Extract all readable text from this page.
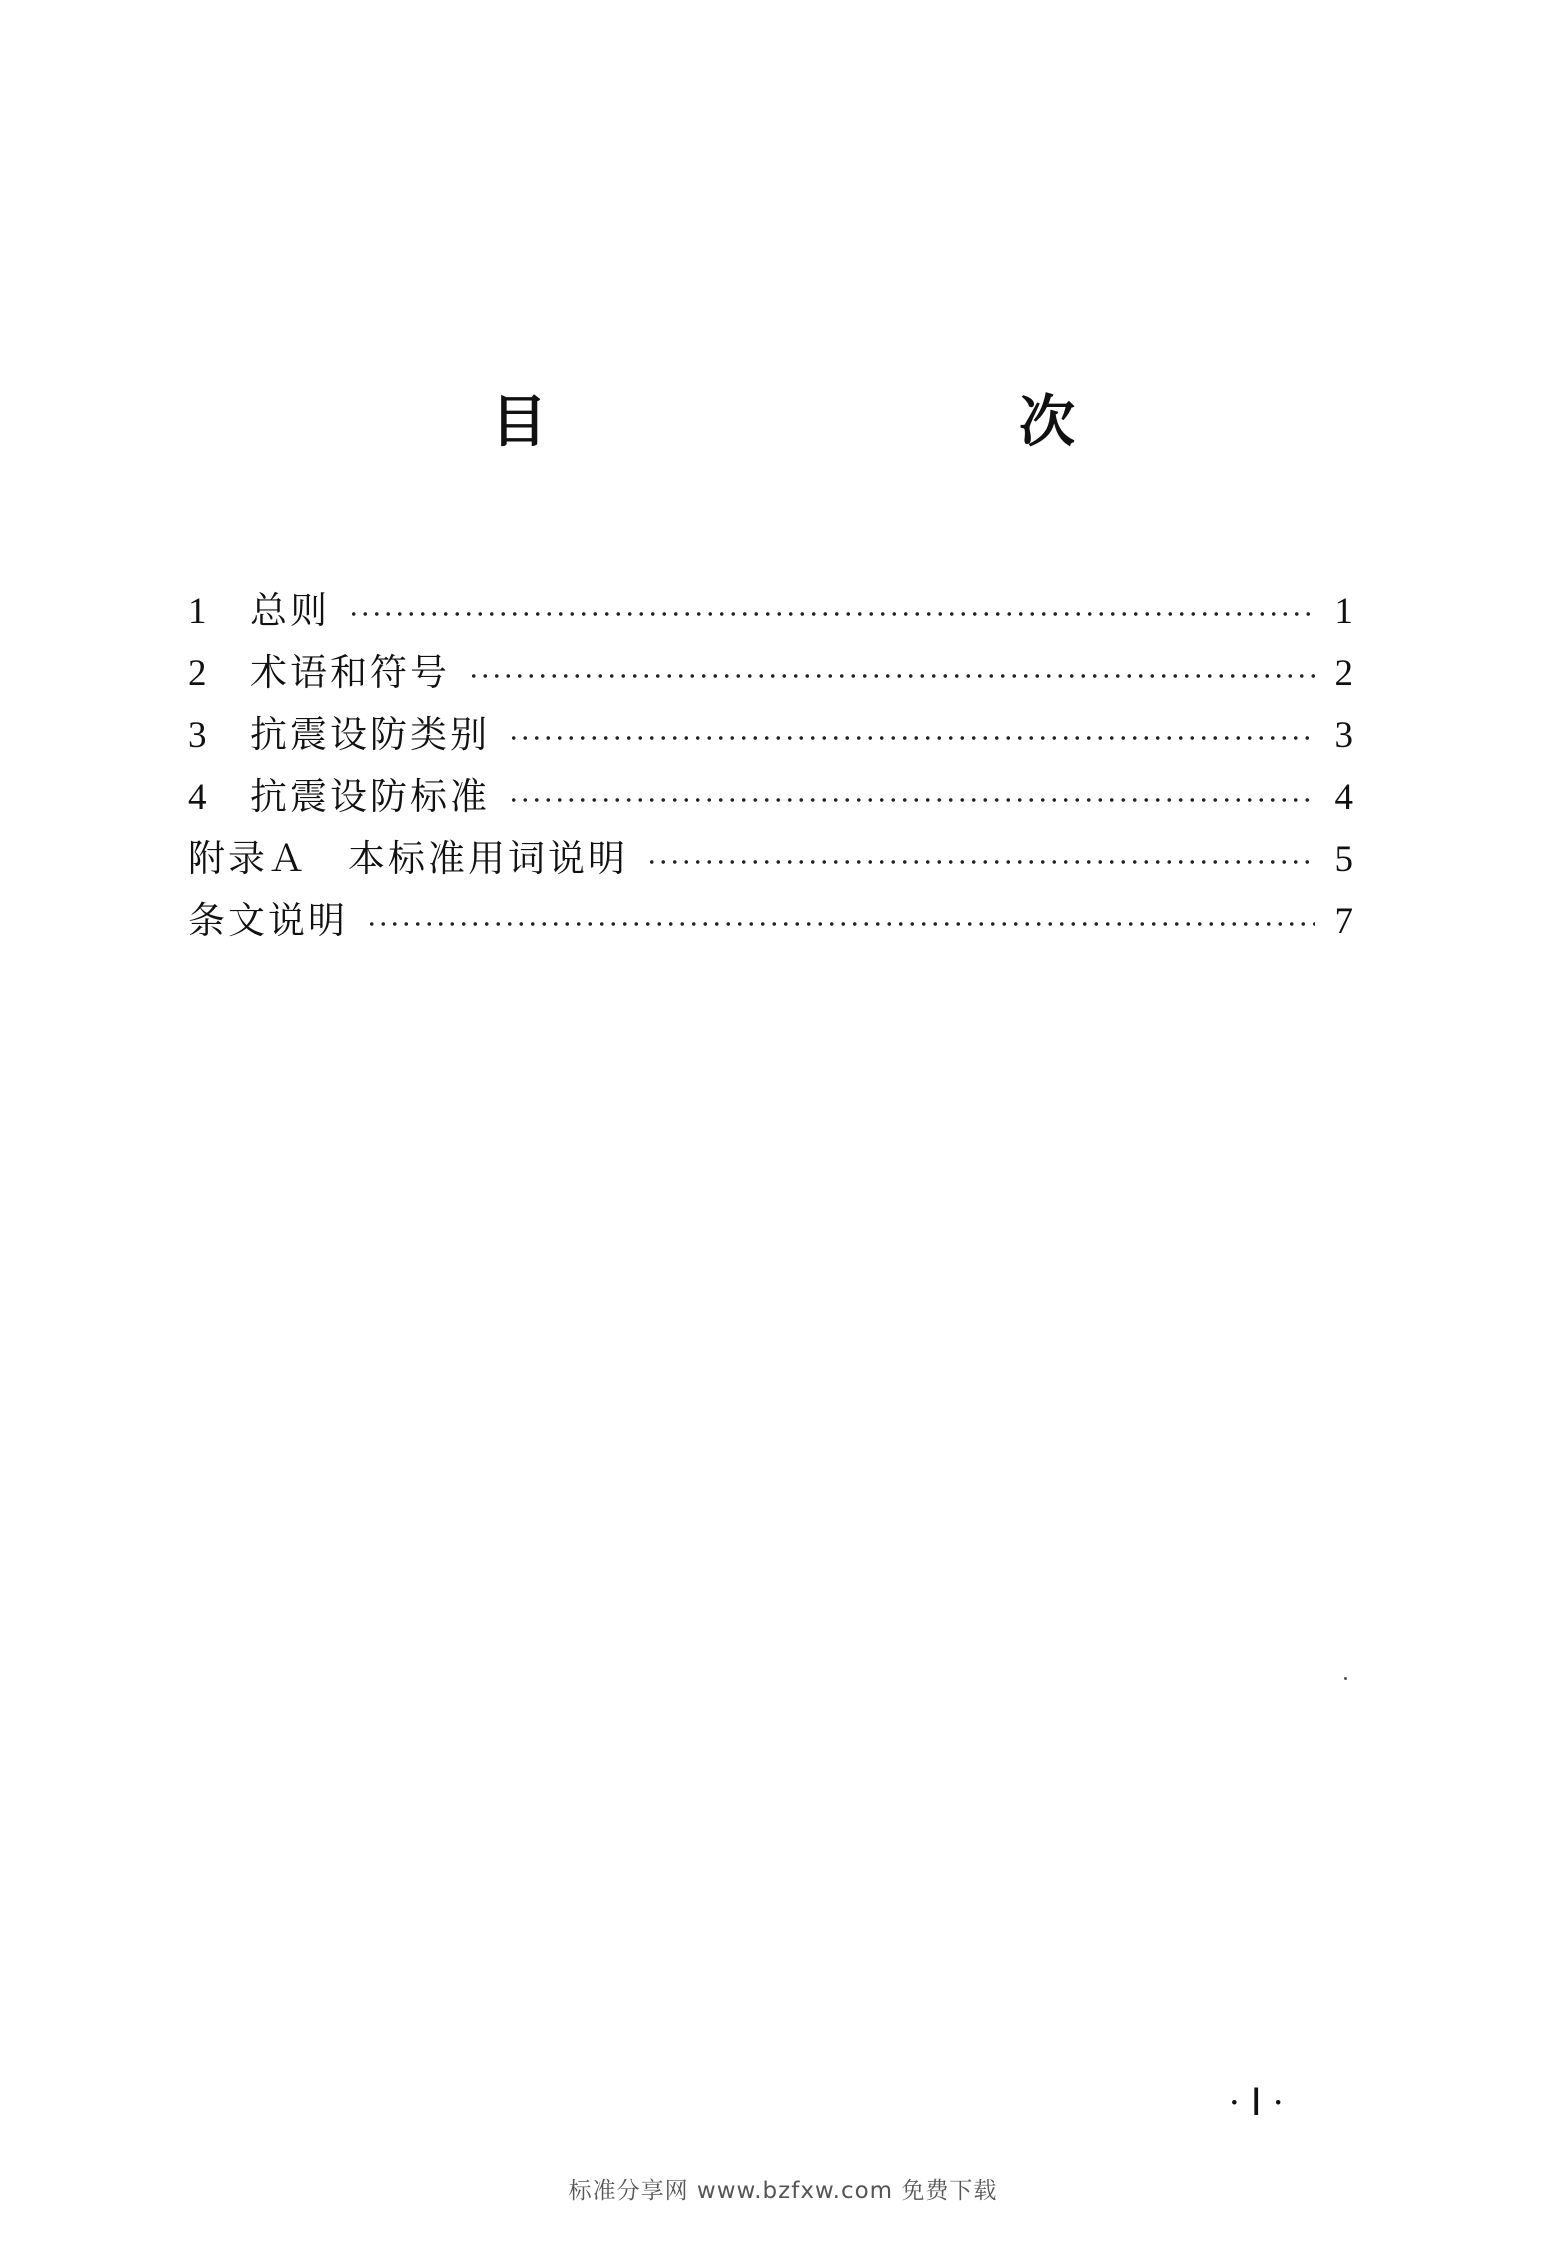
目　　次
1	总则	1
2	术语和符号	2
3	抗震设防类别	3
4	抗震设防标准	4
附录Ａ　本标准用词说明	5
条文说明	7
·Ⅰ·
标准分享网 www.bzfxw.com 免费下载
